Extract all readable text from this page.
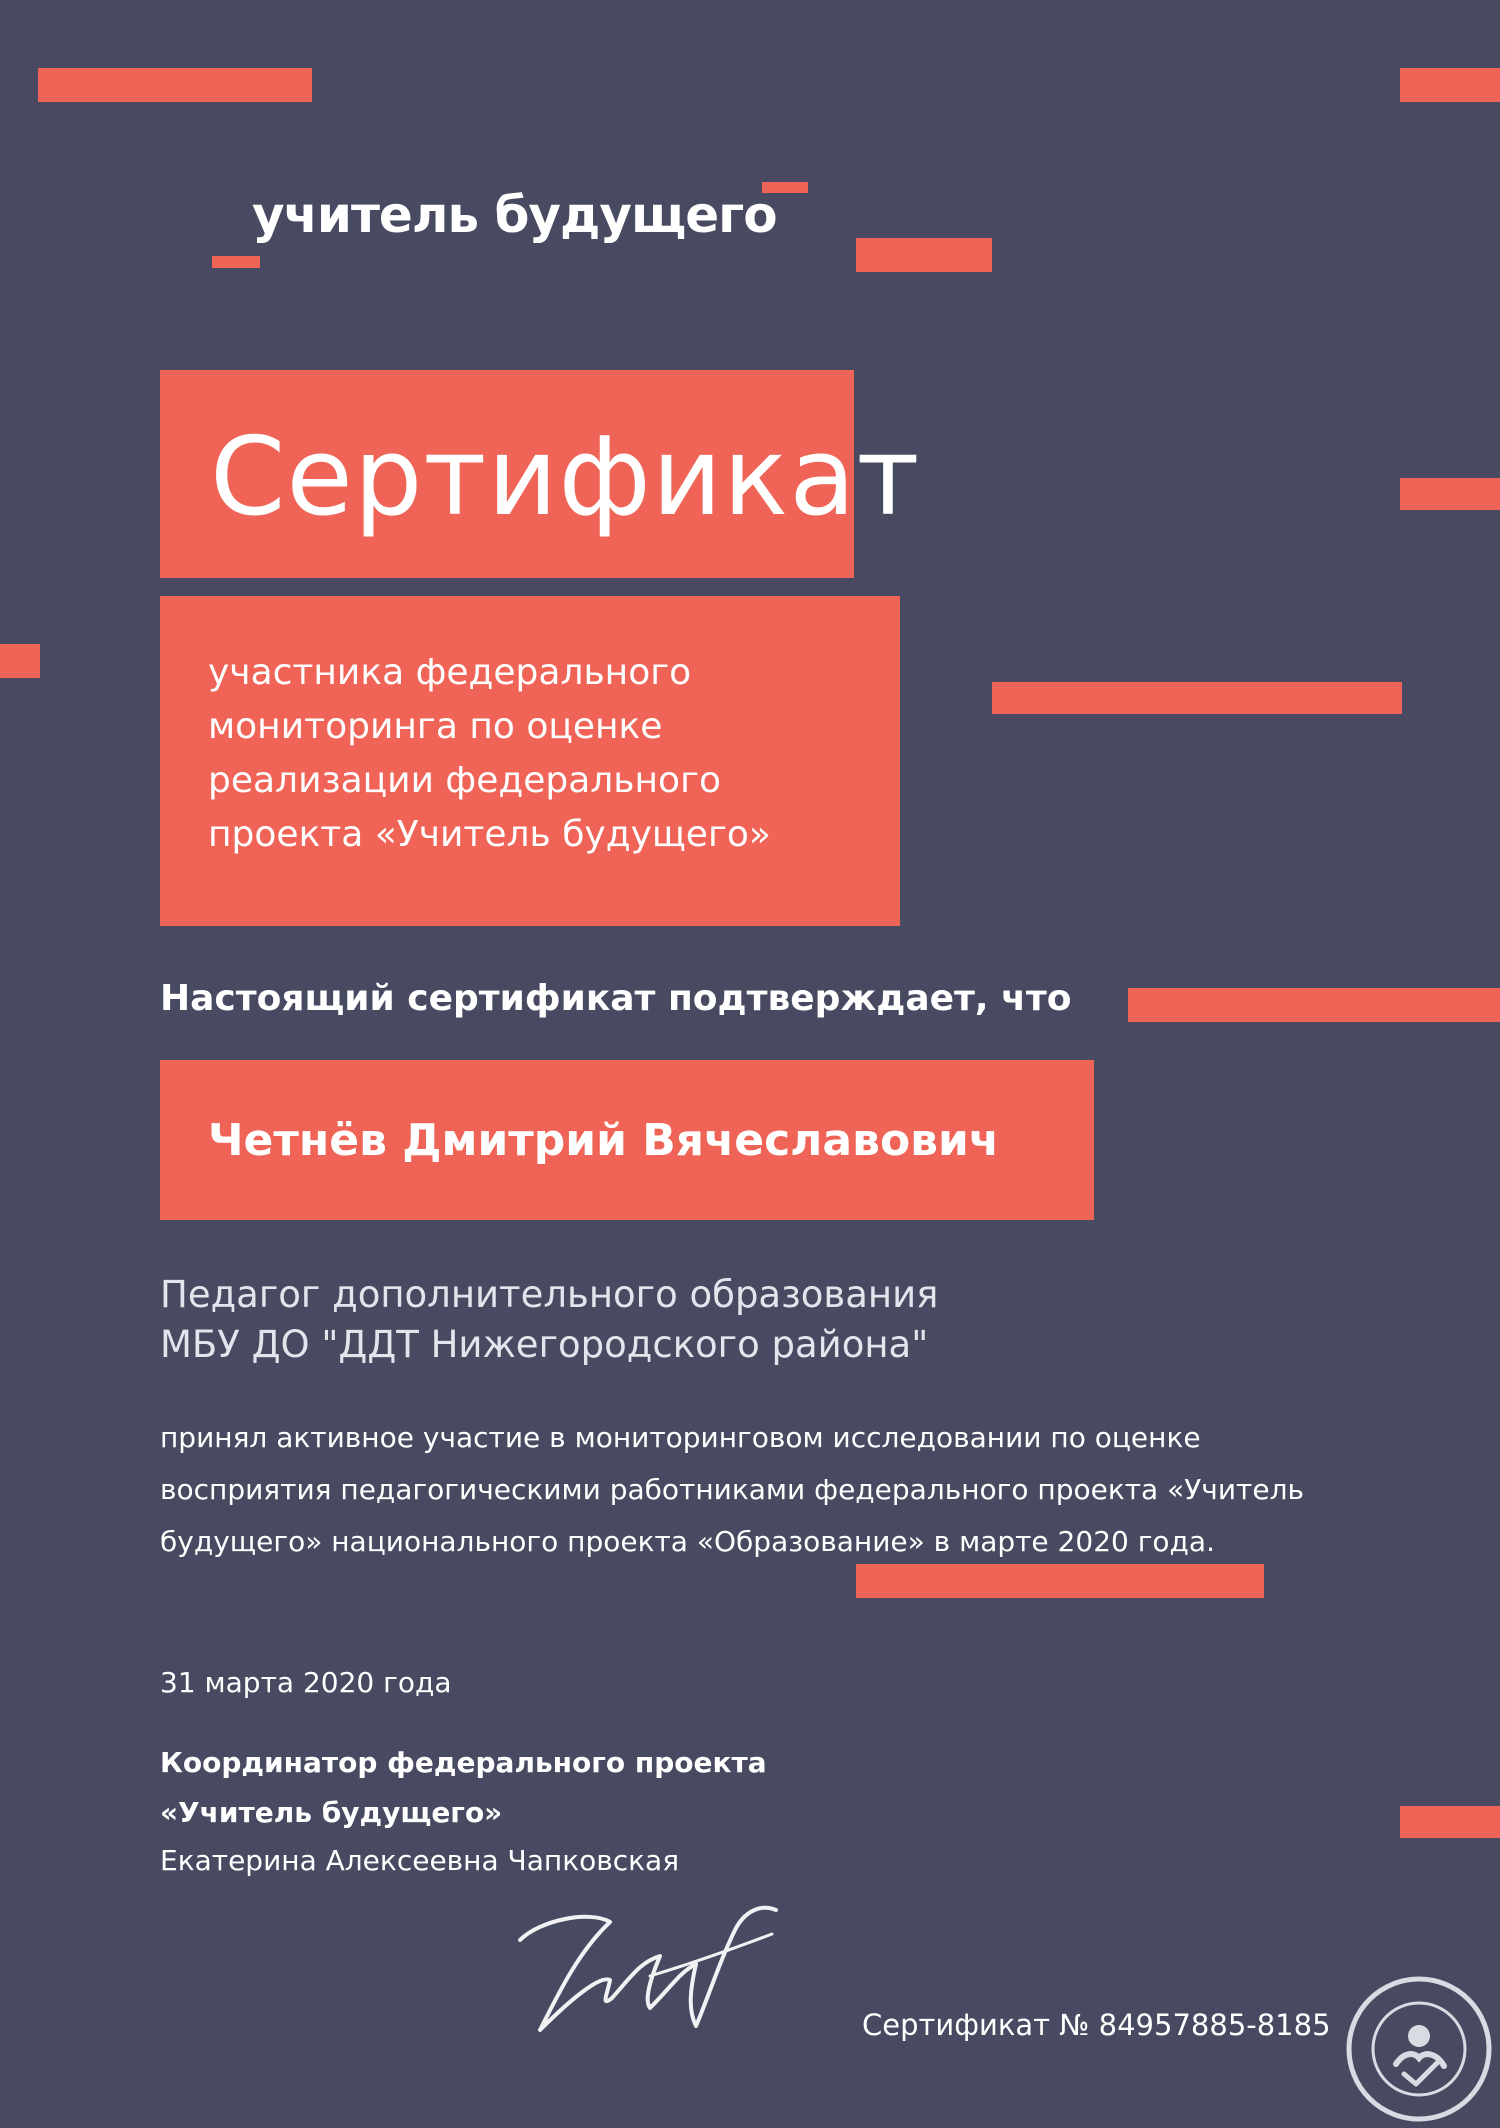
учитель будущего
Сертификат
участника федерального
мониторинга по оценке
реализации федерального
проекта «Учитель будущего»
Настоящий сертификат подтверждает, что
Четнёв Дмитрий Вячеславович
Педагог дополнительного образования
МБУ ДО "ДДТ Нижегородского района"
принял активное участие в мониторинговом исследовании по оценке
восприятия педагогическими работниками федерального проекта «Учитель
будущего» национального проекта «Образование» в марте 2020 года.
31 марта 2020 года
Координатор федерального проекта
«Учитель будущего»
Екатерина Алексеевна Чапковская
Сертификат № 84957885-8185
